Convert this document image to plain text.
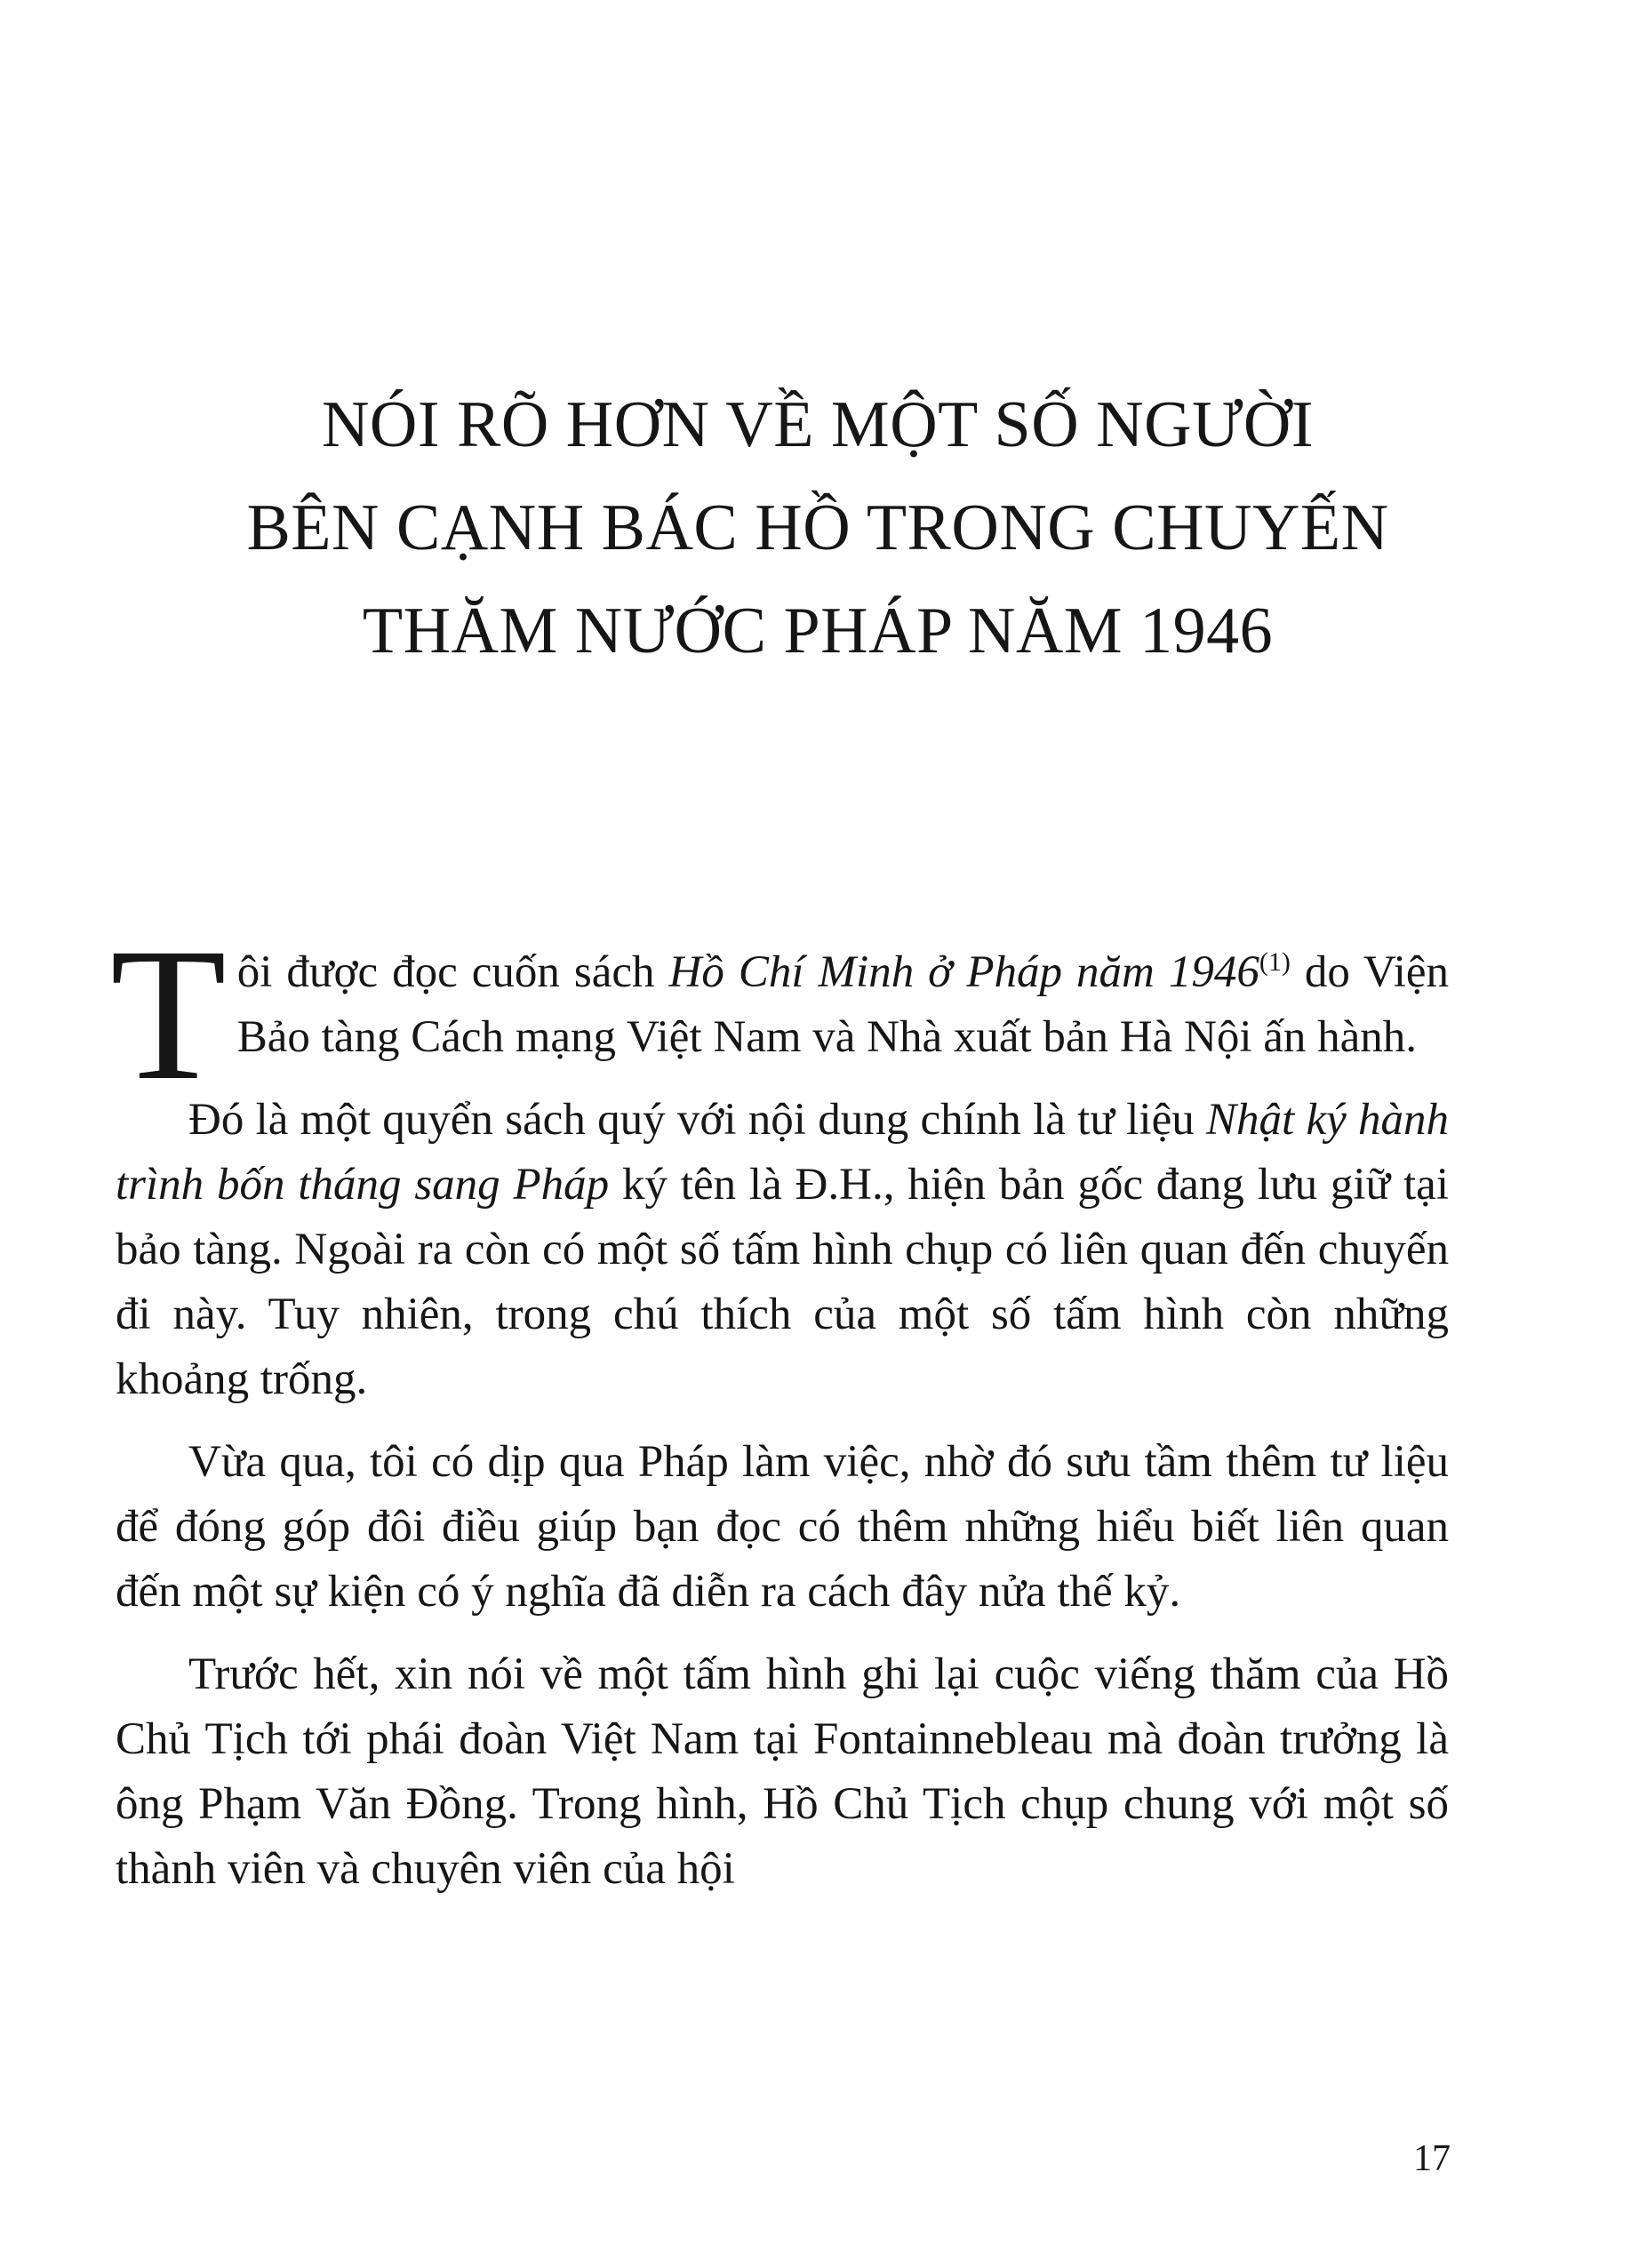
NÓI RÕ HƠN VỀ MỘT SỐ NGƯỜI
BÊN CẠNH BÁC HỒ TRONG CHUYẾN
THĂM NƯỚC PHÁP NĂM 1946

Tôi được đọc cuốn sách Hồ Chí Minh ở Pháp năm 1946$^{(1)}$ do Viện Bảo tàng Cách mạng Việt Nam và Nhà xuất bản Hà Nội ấn hành.

Đó là một quyển sách quý với nội dung chính là tư liệu Nhật ký hành trình bốn tháng sang Pháp ký tên là Đ.H., hiện bản gốc đang lưu giữ tại bảo tàng. Ngoài ra còn có một số tấm hình chụp có liên quan đến chuyến đi này. Tuy nhiên, trong chú thích của một số tấm hình còn những khoảng trống.

Vừa qua, tôi có dịp qua Pháp làm việc, nhờ đó sưu tầm thêm tư liệu để đóng góp đôi điều giúp bạn đọc có thêm những hiểu biết liên quan đến một sự kiện có ý nghĩa đã diễn ra cách đây nửa thế kỷ.

Trước hết, xin nói về một tấm hình ghi lại cuộc viếng thăm của Hồ Chủ Tịch tới phái đoàn Việt Nam tại Fontainnebleau mà đoàn trưởng là ông Phạm Văn Đồng. Trong hình, Hồ Chủ Tịch chụp chung với một số thành viên và chuyên viên của hội

17
